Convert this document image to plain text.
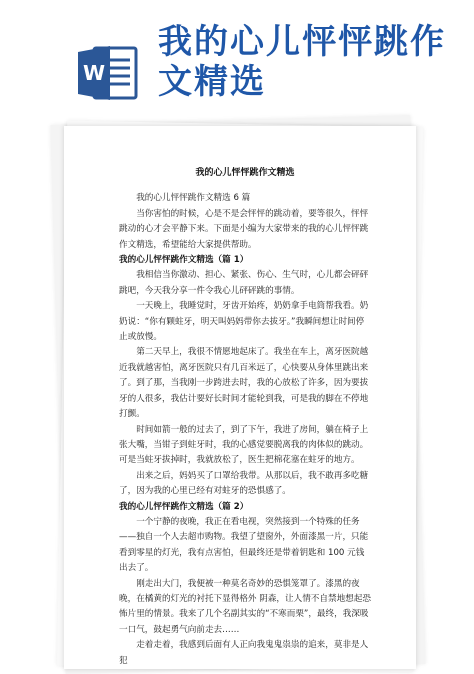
W
我的心儿怦怦跳作文精选
我的心儿怦怦跳作文精选

我的心儿怦怦跳作文精选 6 篇

当你害怕的时候，心是不是会怦怦的跳动着，要等很久，怦怦跳动的心才会平静下来。下面是小编为大家带来的我的心儿怦怦跳作文精选，希望能给大家提供帮助。

我的心儿怦怦跳作文精选（篇 1）

我相信当你激动、担心、紧张、伤心、生气时，心儿都会砰砰跳吧，今天我分享一件令我心儿砰砰跳的事情。

一天晚上，我睡觉时，牙齿开始疼，奶奶拿手电筒帮我看。奶奶说：“你有颗蛀牙，明天叫妈妈带你去拔牙。”我瞬间想让时间停止或放慢。

第二天早上，我很不情愿地起床了。我坐在车上，离牙医院越近我就越害怕，离牙医院只有几百米远了，心快要从身体里跳出来了。到了那，当我刚一步跨进去时，我的心放松了许多，因为要拔牙的人很多，我估计要好长时间才能轮到我，可是我的脚在不停地打颤。

时间如箭一般的过去了，到了下午，我进了房间，躺在椅子上张大嘴，当钳子到蛀牙时，我的心感觉要脱离我的肉体似的跳动。可是当蛀牙拔掉时，我就放松了，医生把棉花塞在蛀牙的地方。

出来之后，妈妈买了口罩给我带。从那以后，我不敢再多吃糖了，因为我的心里已经有对蛀牙的恐惧感了。

我的心儿怦怦跳作文精选（篇 2）

一个宁静的夜晚，我正在看电视，突然接到一个特殊的任务——独自一个人去超市购物。我望了望窗外，外面漆黑一片，只能看到零星的灯光，我有点害怕，但最终还是带着钥匙和 100 元钱出去了。

刚走出大门，我便被一种莫名奇妙的恐惧笼罩了。漆黑的夜晚，在橘黄的灯光的衬托下显得格外 阴森，让人情不自禁地想起恐怖片里的情景。我来了几个名副其实的“不寒而栗”，最终，我深吸一口气，鼓起勇气向前走去……

走着走着，我感到后面有人正向我鬼鬼祟祟的追来，莫非是人犯
